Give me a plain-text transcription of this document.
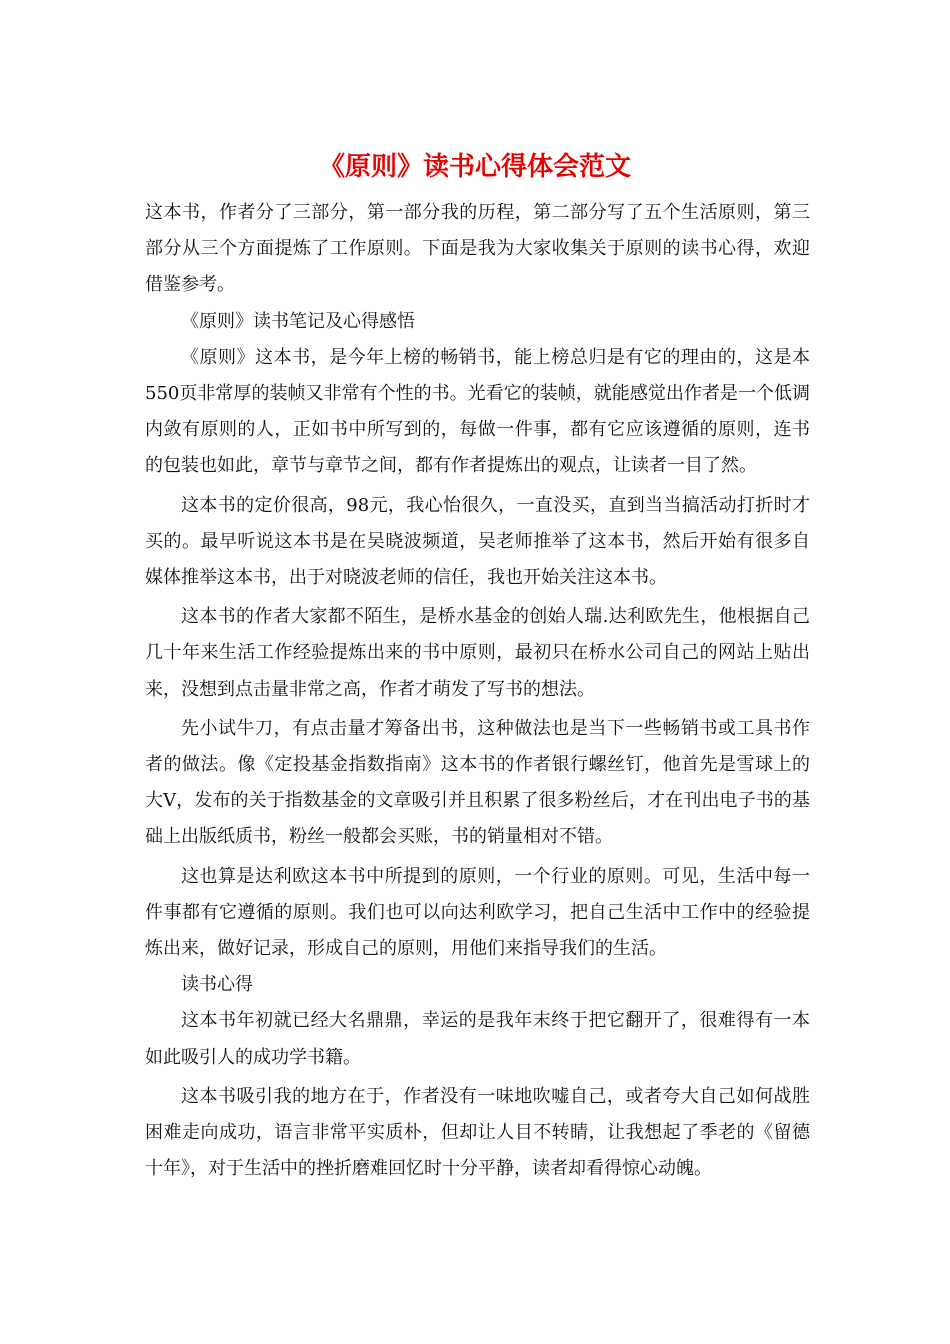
《原则》读书心得体会范文

这本书，作者分了三部分，第一部分我的历程，第二部分写了五个生活原则，第三部分从三个方面提炼了工作原则。下面是我为大家收集关于原则的读书心得，欢迎借鉴参考。

《原则》读书笔记及心得感悟

《原则》这本书，是今年上榜的畅销书，能上榜总归是有它的理由的，这是本550页非常厚的装帧又非常有个性的书。光看它的装帧，就能感觉出作者是一个低调内敛有原则的人，正如书中所写到的，每做一件事，都有它应该遵循的原则，连书的包装也如此，章节与章节之间，都有作者提炼出的观点，让读者一目了然。

这本书的定价很高，98元，我心怡很久，一直没买，直到当当搞活动打折时才买的。最早听说这本书是在吴晓波频道，吴老师推举了这本书，然后开始有很多自媒体推举这本书，出于对晓波老师的信任，我也开始关注这本书。

这本书的作者大家都不陌生，是桥水基金的创始人瑞.达利欧先生，他根据自己几十年来生活工作经验提炼出来的书中原则，最初只在桥水公司自己的网站上贴出来，没想到点击量非常之高，作者才萌发了写书的想法。

先小试牛刀，有点击量才筹备出书，这种做法也是当下一些畅销书或工具书作者的做法。像《定投基金指数指南》这本书的作者银行螺丝钉，他首先是雪球上的大V，发布的关于指数基金的文章吸引并且积累了很多粉丝后，才在刊出电子书的基础上出版纸质书，粉丝一般都会买账，书的销量相对不错。

这也算是达利欧这本书中所提到的原则，一个行业的原则。可见，生活中每一件事都有它遵循的原则。我们也可以向达利欧学习，把自己生活中工作中的经验提炼出来，做好记录，形成自己的原则，用他们来指导我们的生活。

读书心得

这本书年初就已经大名鼎鼎，幸运的是我年末终于把它翻开了，很难得有一本如此吸引人的成功学书籍。

这本书吸引我的地方在于，作者没有一味地吹嘘自己，或者夸大自己如何战胜困难走向成功，语言非常平实质朴，但却让人目不转睛，让我想起了季老的《留德十年》，对于生活中的挫折磨难回忆时十分平静，读者却看得惊心动魄。
